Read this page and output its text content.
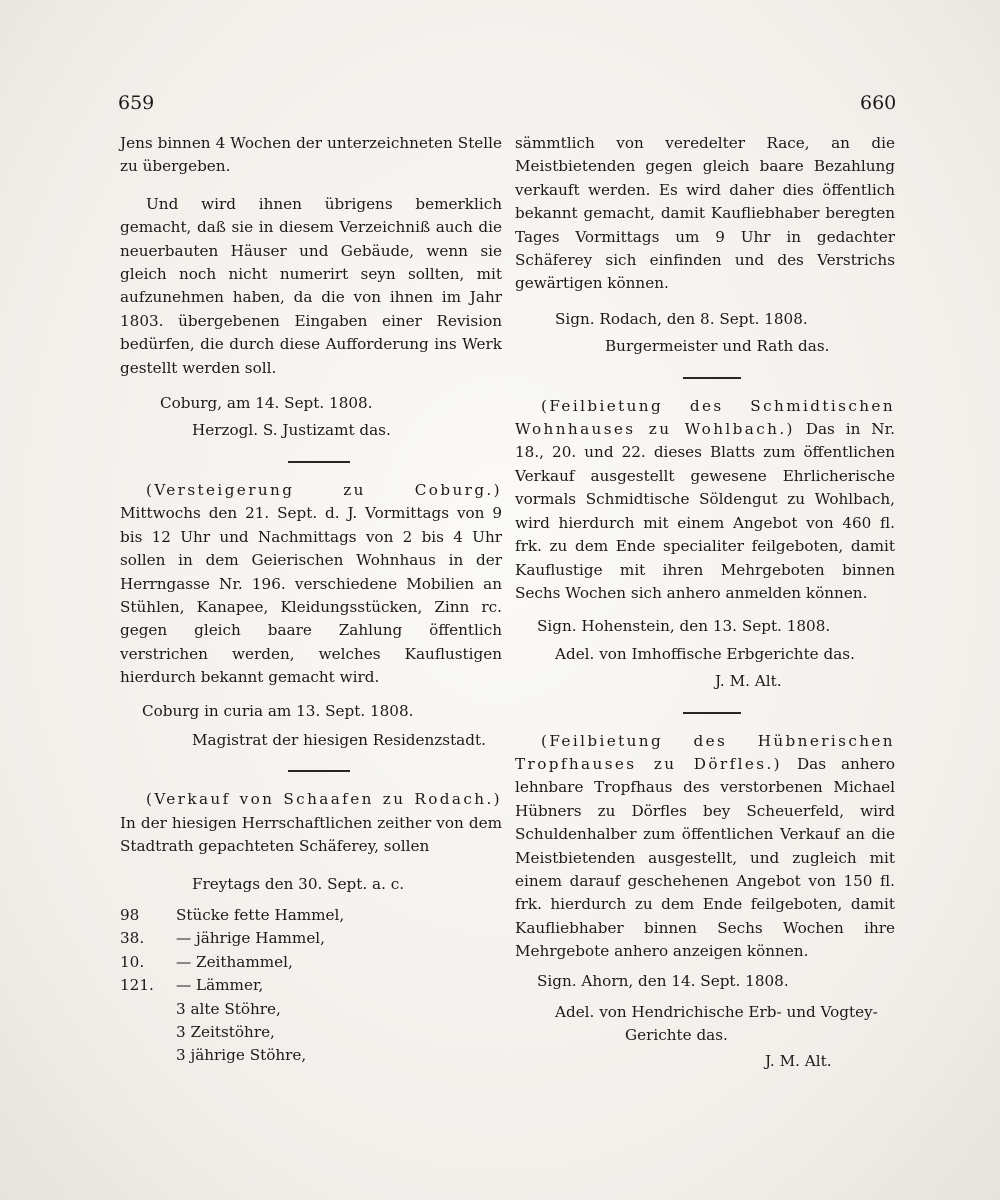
659	660

Jens binnen 4 Wochen der unterzeichneten Stelle zu übergeben.

Und wird ihnen übrigens bemerklich gemacht, daß sie in diesem Verzeichniß auch die neuerbauten Häuser und Gebäude, wenn sie gleich noch nicht numerirt seyn sollten, mit aufzunehmen haben, da die von ihnen im Jahr 1803. übergebenen Eingaben einer Revision bedürfen, die durch diese Aufforderung ins Werk gestellt werden soll.

Coburg, am 14. Sept. 1808.
Herzogl. S. Justizamt das.

(Versteigerung zu Coburg.) Mittwochs den 21. Sept. d. J. Vormittags von 9 bis 12 Uhr und Nachmittags von 2 bis 4 Uhr sollen in dem Geierischen Wohnhaus in der Herrngasse Nr. 196. verschiedene Mobilien an Stühlen, Kanapee, Kleidungsstücken, Zinn rc. gegen gleich baare Zahlung öffentlich verstrichen werden, welches Kauflustigen hierdurch bekannt gemacht wird.

Coburg in curia am 13. Sept. 1808.
Magistrat der hiesigen Residenzstadt.

(Verkauf von Schaafen zu Rodach.) In der hiesigen Herrschaftlichen zeither von dem Stadtrath gepachteten Schäferey, sollen

Freytags den 30. Sept. a. c.
98	Stücke fette Hammel,
38.	— jährige Hammel,
10.	— Zeithammel,
121.	— Lämmer,
3 alte Stöhre,
3 Zeitstöhre,
3 jährige Stöhre,

sämmtlich von veredelter Race, an die Meistbietenden gegen gleich baare Bezahlung verkauft werden. Es wird daher dies öffentlich bekannt gemacht, damit Kaufliebhaber beregten Tages Vormittags um 9 Uhr in gedachter Schäferey sich einfinden und des Verstrichs gewärtigen können.

Sign. Rodach, den 8. Sept. 1808.
Burgermeister und Rath das.

(Feilbietung des Schmidtischen Wohnhauses zu Wohlbach.) Das in Nr. 18., 20. und 22. dieses Blatts zum öffentlichen Verkauf ausgestellt gewesene Ehrlicherische vormals Schmidtische Söldengut zu Wohlbach, wird hierdurch mit einem Angebot von 460 fl. frk. zu dem Ende specialiter feilgeboten, damit Kauflustige mit ihren Mehrgeboten binnen Sechs Wochen sich anhero anmelden können.

Sign. Hohenstein, den 13. Sept. 1808.
Adel. von Imhoffische Erbgerichte das.
J. M. Alt.

(Feilbietung des Hübnerischen Tropfhauses zu Dörfles.) Das anhero lehnbare Tropfhaus des verstorbenen Michael Hübners zu Dörfles bey Scheuerfeld, wird Schuldenhalber zum öffentlichen Verkauf an die Meistbietenden ausgestellt, und zugleich mit einem darauf geschehenen Angebot von 150 fl. frk. hierdurch zu dem Ende feilgeboten, damit Kaufliebhaber binnen Sechs Wochen ihre Mehrgebote anhero anzeigen können.

Sign. Ahorn, den 14. Sept. 1808.
Adel. von Hendrichische Erb- und Vogtey-
Gerichte das.
J. M. Alt.
